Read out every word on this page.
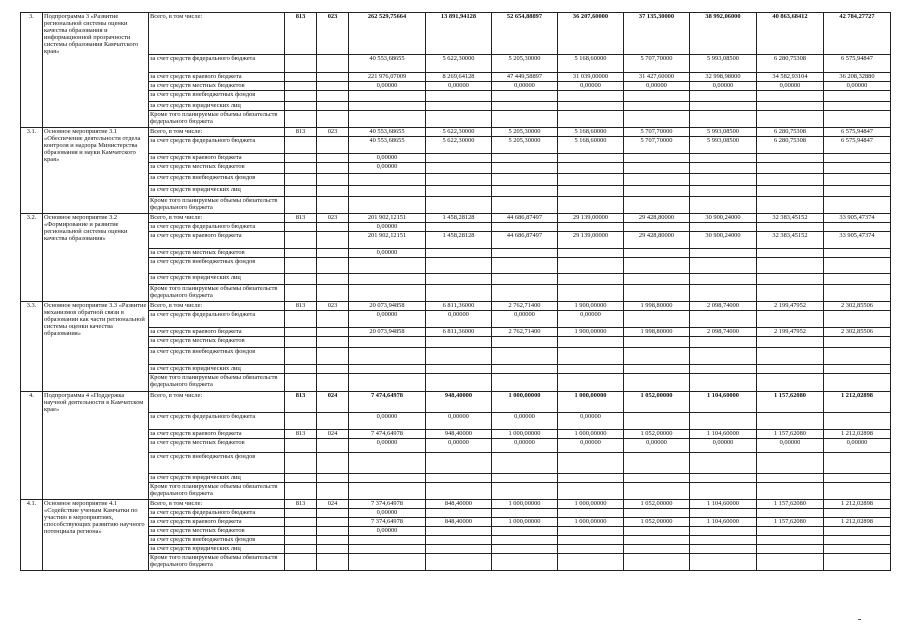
3.	Подпрограмма 3 «Развитие региональной системы оценки качества образования и информационной прозрачности системы образования Камчатского края»	Всего, в том числе:	813	023	262 529,75664	13 891,94128	52 654,88897	36 207,60000	37 135,30000	38 992,06000	40 863,68412	42 784,27727
		за счет средств федерального бюджета			40 553,68655	5 622,30000	5 205,30000	5 168,60000	5 707,70000	5 993,08500	6 280,75308	6 575,94847
		за счет средств краевого бюджета			221 976,07009	8 269,64128	47 449,58897	31 039,00000	31 427,60000	32 998,98000	34 582,93104	36 208,32880
		за счет средств местных бюджетов			0,00000	0,00000	0,00000	0,00000	0,00000	0,00000	0,00000	0,00000
		за счет средств внебюджетных фондов										
		за счет средств юридических лиц										
		Кроме того планируемые объемы обязательств федерального бюджета										
3.1.	Основное мероприятие 3.1 «Обеспечение деятельности отдела контроля и надзора Министерства образования и науки Камчатского края»	Всего, в том числе:	813	023	40 553,68655	5 622,30000	5 205,30000	5 168,60000	5 707,70000	5 993,08500	6 280,75308	6 575,94847
		за счет средств федерального бюджета			40 553,68655	5 622,30000	5 205,30000	5 168,60000	5 707,70000	5 993,08500	6 280,75308	6 575,94847
		за счет средств краевого бюджета			0,00000							
		за счет средств местных бюджетов			0,00000							
		за счет средств внебюджетных фондов										
		за счет средств юридических лиц										
		Кроме того планируемые объемы обязательств федерального бюджета										
3.2.	Основное мероприятие 3.2 «Формирование и развитие региональной системы оценки качества образования»	Всего, в том числе:	813	023	201 902,12151	1 458,28128	44 686,87497	29 139,00000	29 428,80000	30 900,24000	32 383,45152	33 905,47374
		за счет средств федерального бюджета			0,00000							
		за счет средств краевого бюджета			201 902,12151	1 458,28128	44 686,87497	29 139,00000	29 428,80000	30 900,24000	32 383,45152	33 905,47374
		за счет средств местных бюджетов			0,00000							
		за счет средств внебюджетных фондов										
		за счет средств юридических лиц										
		Кроме того планируемые объемы обязательств федерального бюджета										
3.3.	Основное мероприятие 3.3 «Развитие механизмов обратной связи в образовании как части региональной системы оценки качества образования»	Всего, в том числе:	813	023	20 073,94858	6 811,36000	2 762,71400	1 900,00000	1 998,80000	2 098,74000	2 199,47952	2 302,85506
		за счет средств федерального бюджета			0,00000	0,00000	0,00000	0,00000				
		за счет средств краевого бюджета			20 073,94858	6 811,36000	2 762,71400	1 900,00000	1 998,80000	2 098,74000	2 199,47952	2 302,85506
		за счет средств местных бюджетов										
		за счет средств внебюджетных фондов										
		за счет средств юридических лиц										
		Кроме того планируемые объемы обязательств федерального бюджета										
4.	Подпрограмма 4 «Поддержка научной деятельности в Камчатском крае»	Всего, в том числе:	813	024	7 474,64978	948,40000	1 000,00000	1 000,00000	1 052,00000	1 104,60000	1 157,62080	1 212,02898
		за счет средств федерального бюджета			0,00000	0,00000	0,00000	0,00000				
		за счет средств краевого бюджета	813	024	7 474,64978	948,40000	1 000,00000	1 000,00000	1 052,00000	1 104,60000	1 157,62080	1 212,02898
		за счет средств местных бюджетов			0,00000	0,00000	0,00000	0,00000	0,00000	0,00000	0,00000	0,00000
		за счет средств внебюджетных фондов										
		за счет средств юридических лиц										
		Кроме того планируемые объемы обязательств федерального бюджета										
4.1.	Основное мероприятие 4.1 «Содействие ученым Камчатки по участию в мероприятиях, способствующих развитию научного потенциала региона»	Всего, в том числе:	813	024	7 374,64978	848,40000	1 000,00000	1 000,00000	1 052,00000	1 104,60000	1 157,62080	1 212,02898
		за счет средств федерального бюджета			0,00000							
		за счет средств краевого бюджета			7 374,64978	848,40000	1 000,00000	1 000,00000	1 052,00000	1 104,60000	1 157,62080	1 212,02898
		за счет средств местных бюджетов			0,00000							
		за счет средств внебюджетных фондов										
		за счет средств юридических лиц										
		Кроме того планируемые объемы обязательств федерального бюджета										
